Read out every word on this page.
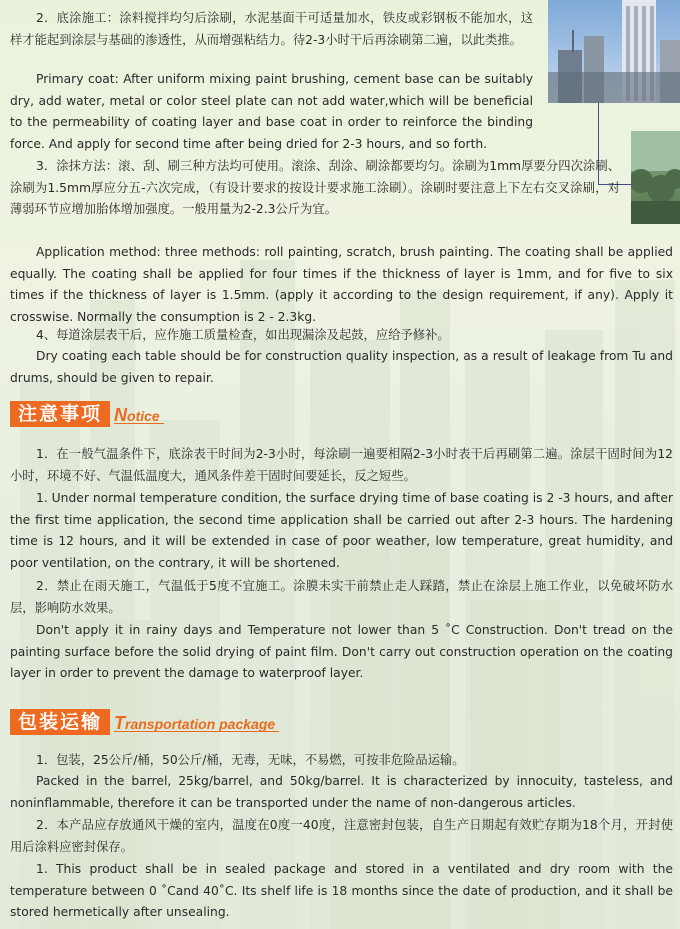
2．底涂施工：涂料搅拌均匀后涂刷，水泥基面干可适量加水，铁皮或彩钢板不能加水，这样才能起到涂层与基础的渗透性，从而增强粘结力。待2-3小时干后再涂刷第二遍，以此类推。
Primary coat: After uniform mixing paint brushing, cement base can be suitably dry, add water, metal or color steel plate can not add water,which will be beneficial to the permeability of coating layer and base coat in order to reinforce the binding force. And apply for second time after being dried for 2-3 hours, and so forth.
3．涂抹方法：滚、刮、刷三种方法均可使用。滚涂、刮涂、刷涂都要均匀。涂刷为1mm厚要分四次涂刷、涂刷为1.5mm厚应分五-六次完成，（有设计要求的按设计要求施工涂刷）。涂刷时要注意上下左右交叉涂刷，对薄弱环节应增加胎体增加强度。一般用量为2-2.3公斤为宜。
Application method: three methods: roll painting, scratch, brush painting. The coating shall be applied equally. The coating shall be applied for four times if the thickness of layer is 1mm, and for five to six times if the thickness of layer is 1.5mm. (apply it according to the design requirement, if any). Apply it crosswise. Normally the consumption is 2 - 2.3kg.
4、每道涂层表干后，应作施工质量检查，如出现漏涂及起鼓，应给予修补。
Dry coating each table should be for construction quality inspection, as a result of leakage from Tu and drums, should be given to repair.
注意事项 Notice
1．在一般气温条件下，底涂表干时间为2-3小时，每涂刷一遍要相隔2-3小时表干后再刷第二遍。涂层干固时间为12小时，环境不好、气温低温度大，通风条件差干固时间要延长，反之短些。
1. Under normal temperature condition, the surface drying time of base coating is 2 -3 hours, and after the first time application, the second time application shall be carried out after 2-3 hours. The hardening time is 12 hours, and it will be extended in case of poor weather, low temperature, great humidity, and poor ventilation, on the contrary, it will be shortened.
2．禁止在雨天施工，气温低于5度不宜施工。涂膜未实干前禁止走人踩踏，禁止在涂层上施工作业，以免破坏防水层，影响防水效果。
Don't apply it in rainy days and Temperature not lower than 5 ˚C Construction. Don't tread on the painting surface before the solid drying of paint film. Don't carry out construction operation on the coating layer in order to prevent the damage to waterproof layer.
包装运输 Transportation package
1．包装，25公斤/桶，50公斤/桶，无毒，无味，不易燃，可按非危险品运输。
Packed in the barrel, 25kg/barrel, and 50kg/barrel. It is characterized by innocuity, tasteless, and noninflammable, therefore it can be transported under the name of non-dangerous articles.
2．本产品应存放通风干燥的室内，温度在0度一40度，注意密封包装，自生产日期起有效贮存期为18个月，开封使用后涂料应密封保存。
1. This product shall be in sealed package and stored in a ventilated and dry room with the temperature between 0 ˚Cand 40˚C. Its shelf life is 18 months since the date of production, and it shall be stored hermetically after unsealing.
